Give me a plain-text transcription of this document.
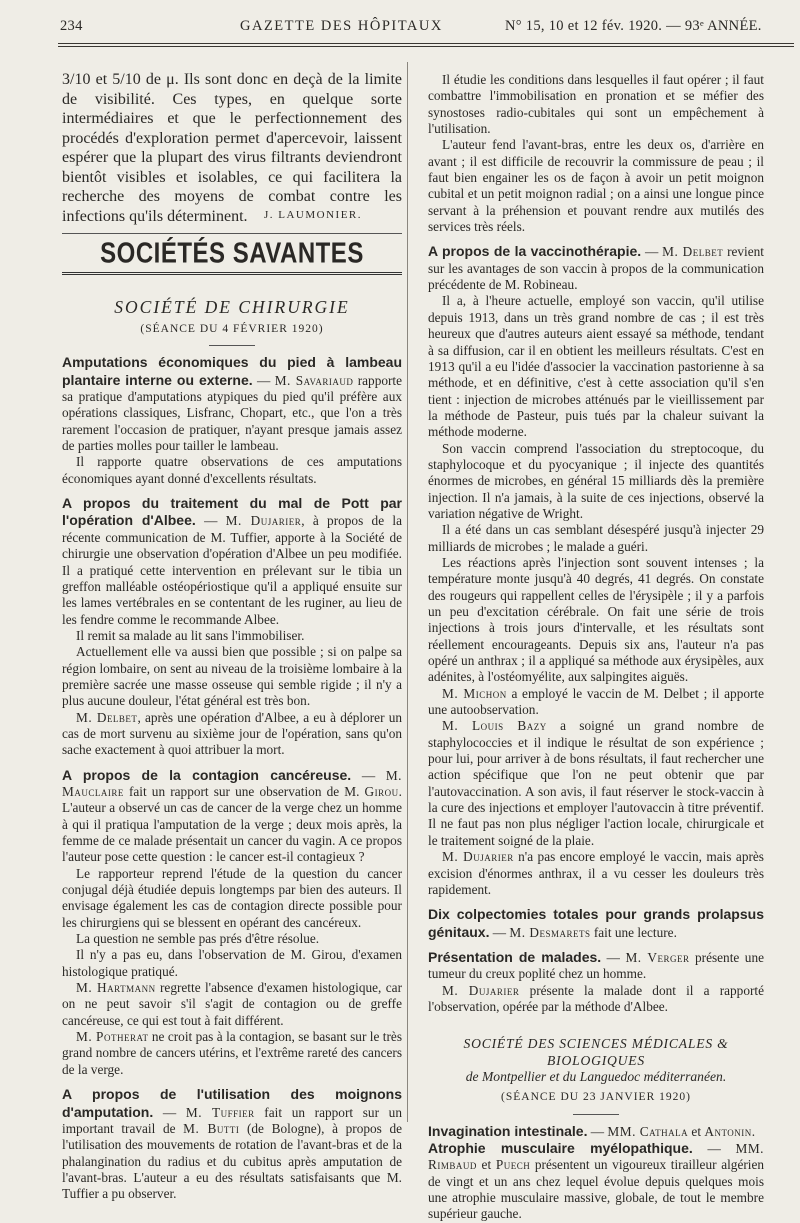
234	GAZETTE DES HÔPITAUX	N° 15, 10 et 12 fév. 1920. — 93ᵉ ANNÉE.

3/10 et 5/10 de μ. Ils sont donc en deçà de la limite de visibilité. Ces types, en quelque sorte intermédiaires et que le perfectionnement des procédés d'exploration permet d'apercevoir, laissent espérer que la plupart des virus filtrants deviendront bientôt visibles et isolables, ce qui facilitera la recherche des moyens de combat contre les infections qu'ils déterminent.	J. LAUMONIER.
SOCIÉTÉS SAVANTES
SOCIÉTÉ DE CHIRURGIE
(SÉANCE DU 4 FÉVRIER 1920)

Amputations économiques du pied à lambeau plantaire interne ou externe. — M. Savariaud rapporte sa pratique d'amputations atypiques du pied qu'il préfère aux opérations classiques, Lisfranc, Chopart, etc., que l'on a très rarement l'occasion de pratiquer, n'ayant presque jamais assez de parties molles pour tailler le lambeau.

Il rapporte quatre observations de ces amputations économiques ayant donné d'excellents résultats.

A propos du traitement du mal de Pott par l'opération d'Albee. — M. Dujarier, à propos de la récente communication de M. Tuffier, apporte à la Société de chirurgie une observation d'opération d'Albee un peu modifiée. Il a pratiqué cette intervention en prélevant sur le tibia un greffon malléable ostéopériostique qu'il a appliqué ensuite sur les lames vertébrales en se contentant de les ruginer, au lieu de les fendre comme le recommande Albee.

Il remit sa malade au lit sans l'immobiliser.

Actuellement elle va aussi bien que possible ; si on palpe sa région lombaire, on sent au niveau de la troisième lombaire à la première sacrée une masse osseuse qui semble rigide ; il n'y a plus aucune douleur, l'état général est très bon.

M. Delbet, après une opération d'Albee, a eu à déplorer un cas de mort survenu au sixième jour de l'opération, sans qu'on sache exactement à quoi attribuer la mort.

A propos de la contagion cancéreuse. — M. Mauclaire fait un rapport sur une observation de M. Girou. L'auteur a observé un cas de cancer de la verge chez un homme à qui il pratiqua l'amputation de la verge ; deux mois après, la femme de ce malade présentait un cancer du vagin. A ce propos l'auteur pose cette question : le cancer est-il contagieux ?

Le rapporteur reprend l'étude de la question du cancer conjugal déjà étudiée depuis longtemps par bien des auteurs. Il envisage également les cas de contagion directe possible pour les chirurgiens qui se blessent en opérant des cancéreux.

La question ne semble pas prés d'être résolue.

Il n'y a pas eu, dans l'observation de M. Girou, d'examen histologique pratiqué.

M. Hartmann regrette l'absence d'examen histologique, car on ne peut savoir s'il s'agit de contagion ou de greffe cancéreuse, ce qui est tout à fait différent.

M. Potherat ne croit pas à la contagion, se basant sur le très grand nombre de cancers utérins, et l'extrême rareté des cancers de la verge.

A propos de l'utilisation des moignons d'amputation. — M. Tuffier fait un rapport sur un important travail de M. Butti (de Bologne), à propos de l'utilisation des mouvements de rotation de l'avant-bras et de la phalangination du radius et du cubitus après amputation de l'avant-bras. L'auteur a eu des résultats satisfaisants que M. Tuffier a pu observer.

Il étudie les conditions dans lesquelles il faut opérer ; il faut combattre l'immobilisation en pronation et se méfier des synostoses radio-cubitales qui sont un empêchement à l'utilisation.

L'auteur fend l'avant-bras, entre les deux os, d'arrière en avant ; il est difficile de recouvrir la commissure de peau ; il faut bien engainer les os de façon à avoir un petit moignon cubital et un petit moignon radial ; on a ainsi une longue pince servant à la préhension et pouvant rendre aux mutilés des services très réels.

A propos de la vaccinothérapie. — M. Delbet revient sur les avantages de son vaccin à propos de la communication précédente de M. Robineau.

Il a, à l'heure actuelle, employé son vaccin, qu'il utilise depuis 1913, dans un très grand nombre de cas ; il est très heureux que d'autres auteurs aient essayé sa méthode, tendant à sa diffusion, car il en obtient les meilleurs résultats. C'est en 1913 qu'il a eu l'idée d'associer la vaccination pastorienne à sa méthode, et en définitive, c'est à cette association qu'il s'en tient : injection de microbes atténués par le vieillissement par la méthode de Pasteur, puis tués par la chaleur suivant la méthode moderne.

Son vaccin comprend l'association du streptocoque, du staphylocoque et du pyocyanique ; il injecte des quantités énormes de microbes, en général 15 milliards dès la première injection. Il n'a jamais, à la suite de ces injections, observé la variation négative de Wright.

Il a été dans un cas semblant désespéré jusqu'à injecter 29 milliards de microbes ; le malade a guéri.

Les réactions après l'injection sont souvent intenses ; la température monte jusqu'à 40 degrés, 41 degrés. On constate des rougeurs qui rappellent celles de l'érysipèle ; il y a parfois un peu d'excitation cérébrale. On fait une série de trois injections à trois jours d'intervalle, et les résultats sont réellement encourageants. Depuis six ans, l'auteur n'a pas opéré un anthrax ; il a appliqué sa méthode aux érysipèles, aux adénites, à l'ostéomyélite, aux salpingites aiguës.

M. Michon a employé le vaccin de M. Delbet ; il apporte une autoobservation.

M. Louis Bazy a soigné un grand nombre de staphylococcies et il indique le résultat de son expérience ; pour lui, pour arriver à de bons résultats, il faut rechercher une action spécifique que l'on ne peut obtenir que par l'autovaccination. A son avis, il faut réserver le stock-vaccin à la cure des injections et employer l'autovaccin à titre préventif. Il ne faut pas non plus négliger l'action locale, chirurgicale et le traitement soigné de la plaie.

M. Dujarier n'a pas encore employé le vaccin, mais après excision d'énormes anthrax, il a vu cesser les douleurs très rapidement.

Dix colpectomies totales pour grands prolapsus génitaux. — M. Desmarets fait une lecture.

Présentation de malades. — M. Verger présente une tumeur du creux poplité chez un homme.

M. Dujarier présente la malade dont il a rapporté l'observation, opérée par la méthode d'Albee.

SOCIÉTÉ DES SCIENCES MÉDICALES & BIOLOGIQUES
de Montpellier et du Languedoc méditerranéen.
(SÉANCE DU 23 JANVIER 1920)

Invagination intestinale. — MM. Cathala et Antonin.

Atrophie musculaire myélopathique. — MM. Rimbaud et Puech présentent un vigoureux tirailleur algérien de vingt et un ans chez lequel évolue depuis quelques mois une atrophie musculaire massive, globale, de tout le membre supérieur gauche.
